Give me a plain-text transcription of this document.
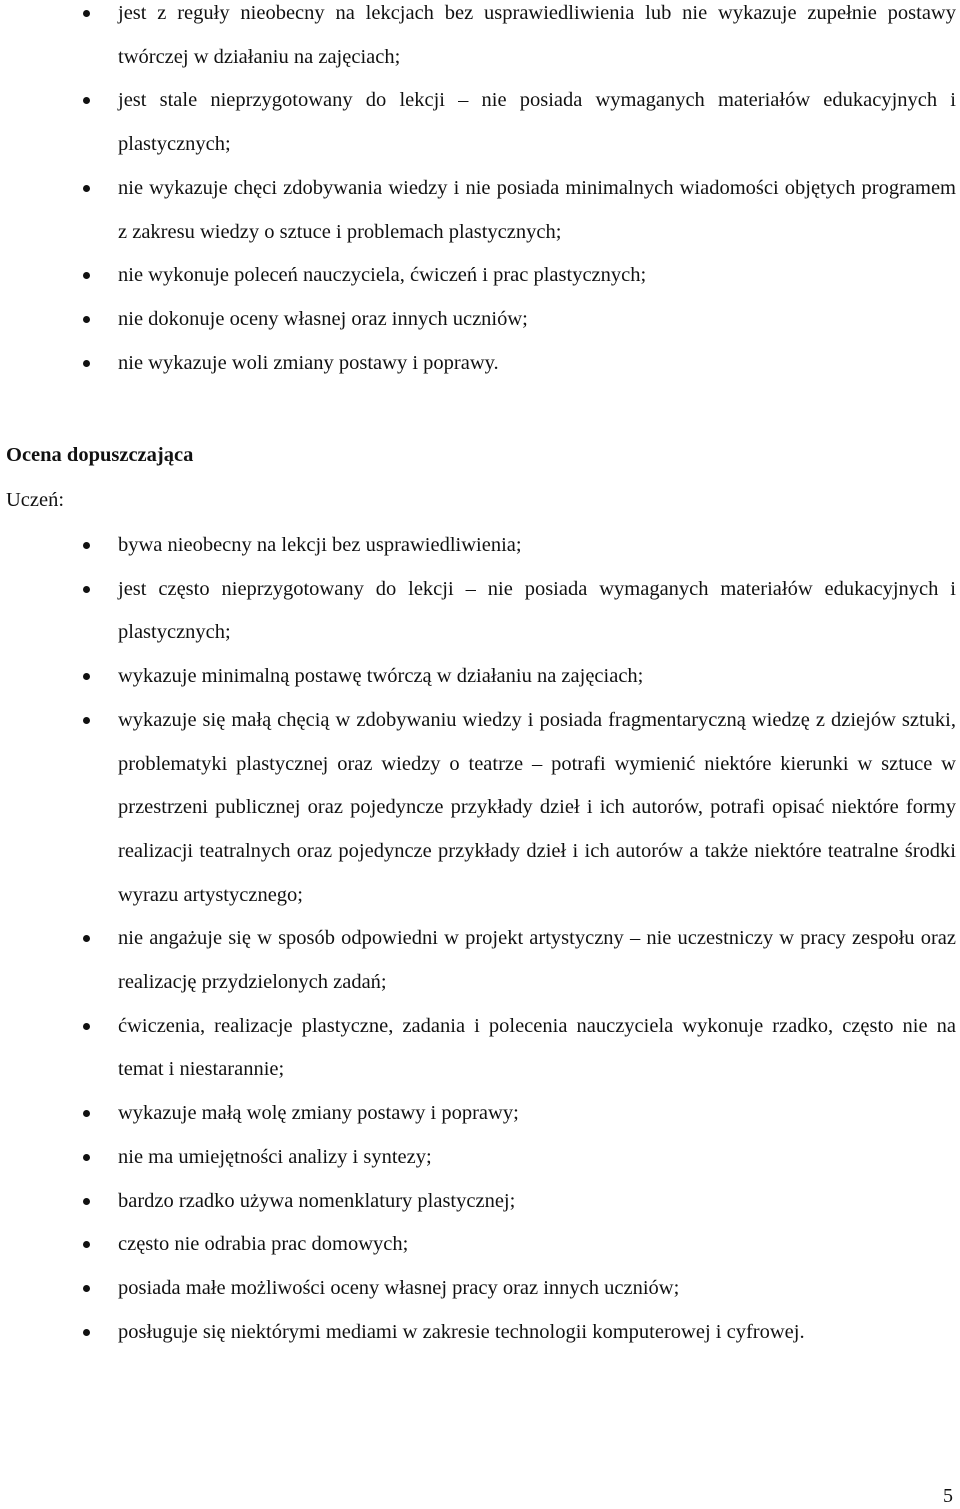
jest z reguły nieobecny na lekcjach bez usprawiedliwienia lub nie wykazuje zupełnie postawy twórczej w działaniu na zajęciach;
jest stale nieprzygotowany do lekcji – nie posiada wymaganych materiałów edukacyjnych i plastycznych;
nie wykazuje chęci zdobywania wiedzy i nie posiada minimalnych wiadomości objętych programem z zakresu wiedzy o sztuce i problemach plastycznych;
nie wykonuje poleceń nauczyciela, ćwiczeń i prac plastycznych;
nie dokonuje oceny własnej oraz innych uczniów;
nie wykazuje woli zmiany postawy i poprawy.
Ocena dopuszczająca
Uczeń:
bywa nieobecny na lekcji bez usprawiedliwienia;
jest często nieprzygotowany do lekcji – nie posiada wymaganych materiałów edukacyjnych i plastycznych;
wykazuje minimalną postawę twórczą w działaniu na zajęciach;
wykazuje się małą chęcią w zdobywaniu wiedzy i posiada fragmentaryczną wiedzę z dziejów sztuki, problematyki plastycznej oraz wiedzy o teatrze – potrafi wymienić niektóre kierunki w sztuce w przestrzeni publicznej oraz pojedyncze przykłady dzieł i ich autorów, potrafi opisać niektóre formy realizacji teatralnych oraz pojedyncze przykłady dzieł i ich autorów a także niektóre teatralne środki wyrazu artystycznego;
nie angażuje się w sposób odpowiedni w projekt artystyczny – nie uczestniczy w pracy zespołu oraz realizację przydzielonych zadań;
ćwiczenia, realizacje plastyczne, zadania i polecenia nauczyciela wykonuje rzadko, często nie na temat i niestarannie;
wykazuje małą wolę zmiany postawy i poprawy;
nie ma umiejętności analizy i syntezy;
bardzo rzadko używa nomenklatury plastycznej;
często nie odrabia prac domowych;
posiada małe możliwości oceny własnej pracy oraz innych uczniów;
posługuje się niektórymi mediami w zakresie technologii komputerowej i cyfrowej.
5
